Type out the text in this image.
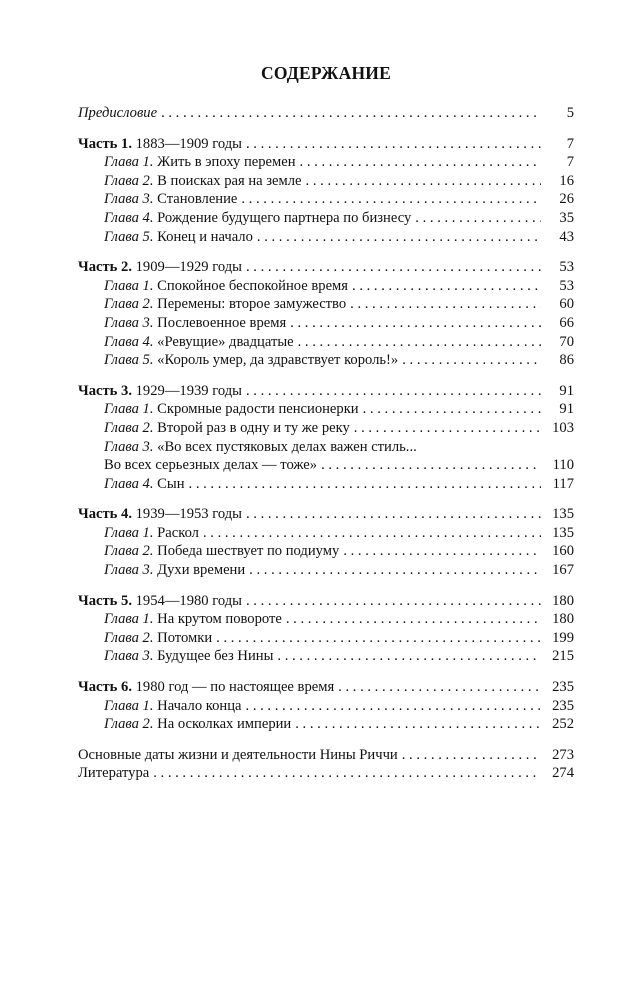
СОДЕРЖАНИЕ
Предисловие . . .	5
Часть 1. 1883—1909 годы . . .	7
Глава 1. Жить в эпоху перемен . . .	7
Глава 2. В поисках рая на земле . . .	16
Глава 3. Становление . . .	26
Глава 4. Рождение будущего партнера по бизнесу . . .	35
Глава 5. Конец и начало . . .	43
Часть 2. 1909—1929 годы . . .	53
Глава 1. Спокойное беспокойное время . . .	53
Глава 2. Перемены: второе замужество . . .	60
Глава 3. Послевоенное время . . .	66
Глава 4. «Ревущие» двадцатые . . .	70
Глава 5. «Король умер, да здравствует король!» . . .	86
Часть 3. 1929—1939 годы . . .	91
Глава 1. Скромные радости пенсионерки . . .	91
Глава 2. Второй раз в одну и ту же реку . . .	103
Глава 3. «Во всех пустяковых делах важен стиль...
Во всех серьезных делах — тоже» . . .	110
Глава 4. Сын . . .	117
Часть 4. 1939—1953 годы . . .	135
Глава 1. Раскол . . .	135
Глава 2. Победа шествует по подиуму . . .	160
Глава 3. Духи времени . . .	167
Часть 5. 1954—1980 годы . . .	180
Глава 1. На крутом повороте . . .	180
Глава 2. Потомки . . .	199
Глава 3. Будущее без Нины . . .	215
Часть 6. 1980 год — по настоящее время . . .	235
Глава 1. Начало конца . . .	235
Глава 2. На осколках империи . . .	252
Основные даты жизни и деятельности Нины Риччи . . .	273
Литература . . .	274
